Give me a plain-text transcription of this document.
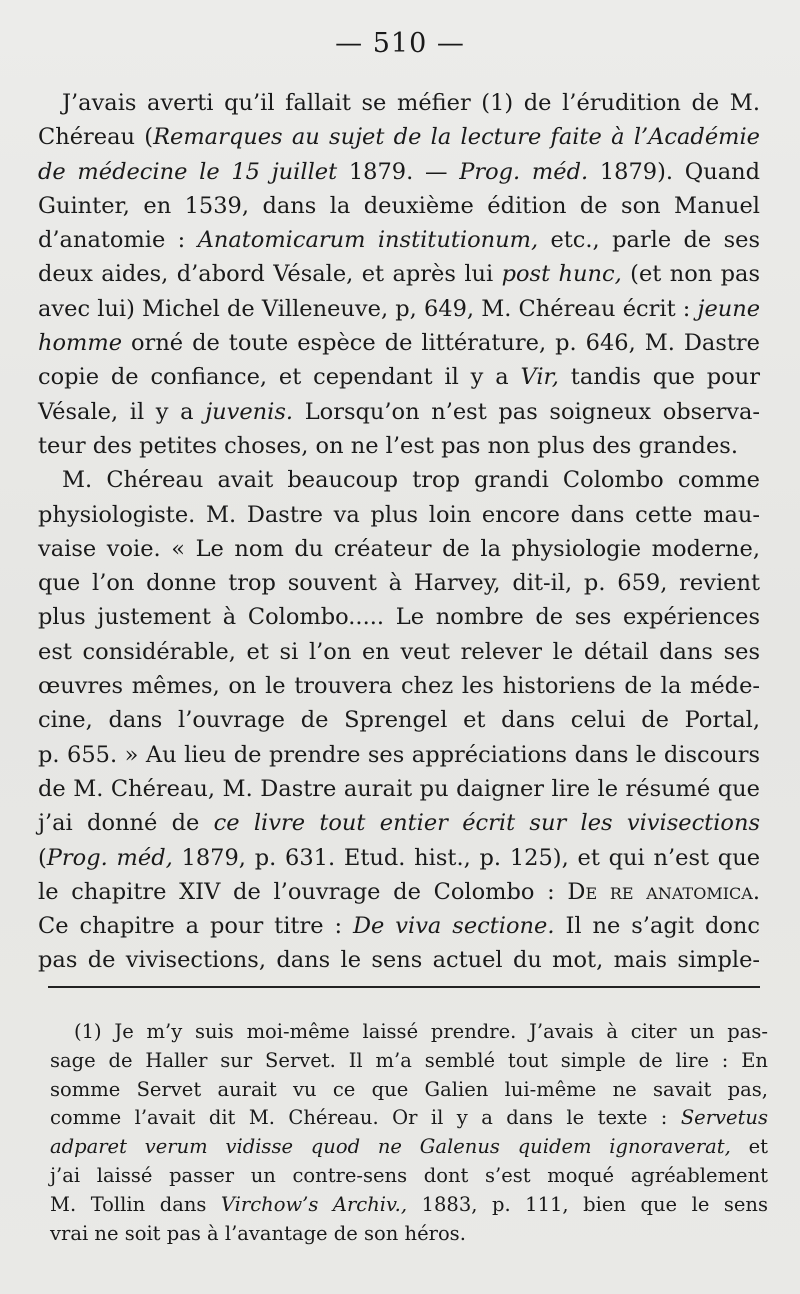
— 510 —

J’avais averti qu’il fallait se méfier (1) de l’érudition de M.
Chéreau (Remarques au sujet de la lecture faite à l’Académie
de médecine le 15 juillet 1879. — Prog. méd. 1879). Quand
Guinter, en 1539, dans la deuxième édition de son Manuel
d’anatomie : Anatomicarum institutionum, etc., parle de ses
deux aides, d’abord Vésale, et après lui post hunc, (et non pas
avec lui) Michel de Villeneuve, p, 649, M. Chéreau écrit : jeune
homme orné de toute espèce de littérature, p. 646, M. Dastre
copie de confiance, et cependant il y a Vir, tandis que pour
Vésale, il y a juvenis. Lorsqu’on n’est pas soigneux observa-
teur des petites choses, on ne l’est pas non plus des grandes.

M. Chéreau avait beaucoup trop grandi Colombo comme
physiologiste. M. Dastre va plus loin encore dans cette mau-
vaise voie. « Le nom du créateur de la physiologie moderne,
que l’on donne trop souvent à Harvey, dit-il, p. 659, revient
plus justement à Colombo..... Le nombre de ses expériences
est considérable, et si l’on en veut relever le détail dans ses
œuvres mêmes, on le trouvera chez les historiens de la méde-
cine, dans l’ouvrage de Sprengel et dans celui de Portal,
p. 655. » Au lieu de prendre ses appréciations dans le discours
de M. Chéreau, M. Dastre aurait pu daigner lire le résumé que
j’ai donné de ce livre tout entier écrit sur les vivisections
(Prog. méd, 1879, p. 631. Etud. hist., p. 125), et qui n’est que
le chapitre XIV de l’ouvrage de Colombo : De re anatomica.
Ce chapitre a pour titre : De viva sectione. Il ne s’agit donc
pas de vivisections, dans le sens actuel du mot, mais simple-

(1) Je m’y suis moi-même laissé prendre. J’avais à citer un pas-
sage de Haller sur Servet. Il m’a semblé tout simple de lire : En
somme Servet aurait vu ce que Galien lui-même ne savait pas,
comme l’avait dit M. Chéreau. Or il y a dans le texte : Servetus
adparet verum vidisse quod ne Galenus quidem ignoraverat, et
j’ai laissé passer un contre-sens dont s’est moqué agréablement
M. Tollin dans Virchow’s Archiv., 1883, p. 111, bien que le sens
vrai ne soit pas à l’avantage de son héros.
